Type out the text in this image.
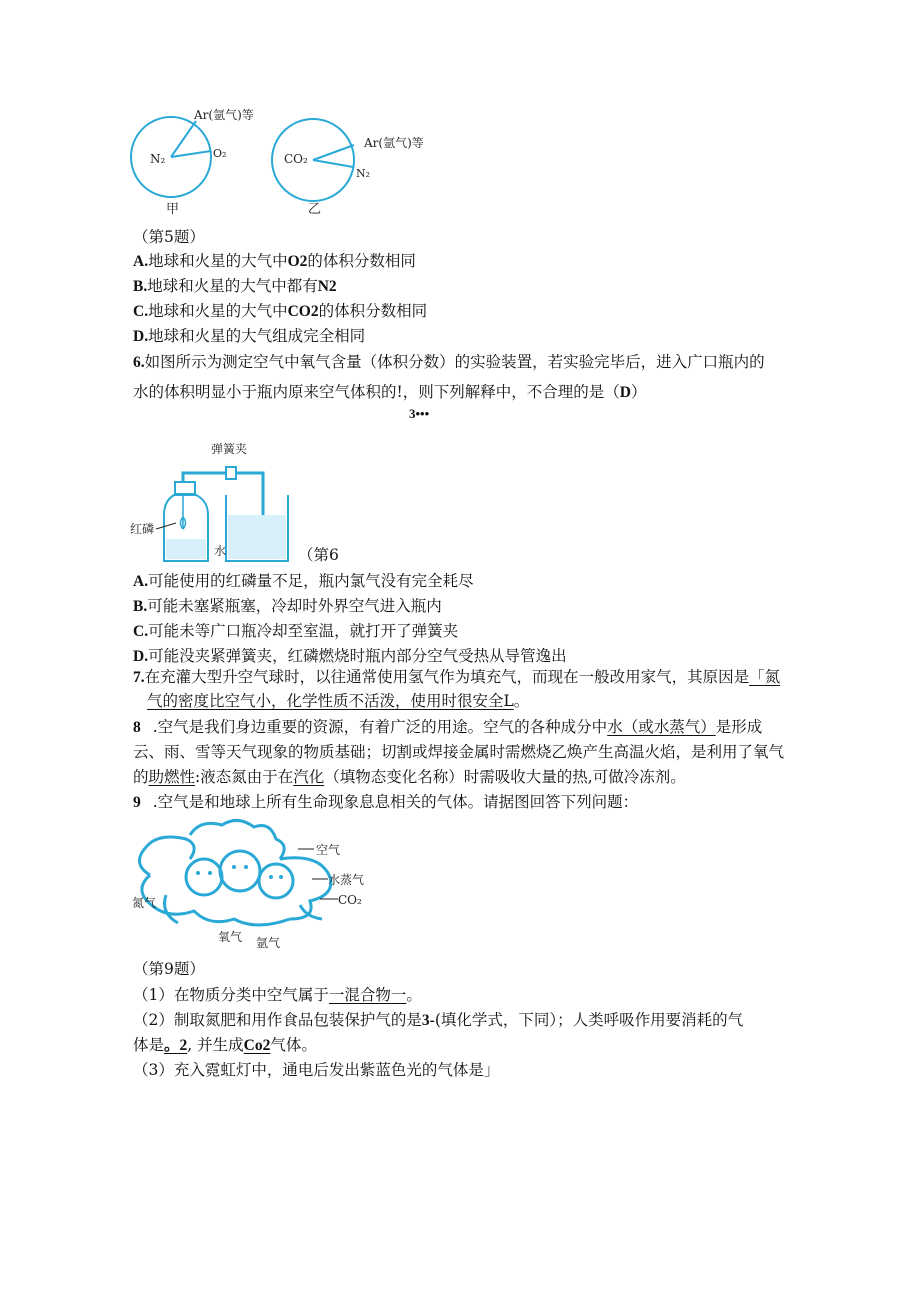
N₂	O₂
Ar(氩气)等
甲
CO₂
Ar(氩气)等
N₂
乙
（第5题）
A.地球和火星的大气中O2的体积分数相同
B.地球和火星的大气中都有N2
C.地球和火星的大气中CO2的体积分数相同
D.地球和火星的大气组成完全相同
6.如图所示为测定空气中氧气含量（体积分数）的实验装置，若实验完毕后，进入广口瓶内的
水的体积明显小于瓶内原来空气体积的!，则下列解释中，不合理的是（D）
3•••
弹簧夹
红磷
水	（第6
A.可能使用的红磷量不足，瓶内氯气没有完全耗尽
B.可能未塞紧瓶塞，冷却时外界空气进入瓶内
C.可能未等广口瓶冷却至室温，就打开了弹簧夹
D.可能没夹紧弹簧夹，红磷燃烧时瓶内部分空气受热从导管逸出
7.在充灌大型升空气球时，以往通常使用氢气作为填充气，而现在一般改用家气，其原因是「氮
气的密度比空气小，化学性质不活泼，使用时很安全L。
8 .空气是我们身边重要的资源，有着广泛的用途。空气的各种成分中水（或水蒸气）是形成
云、雨、雪等天气现象的物质基础；切割或焊接金属时需燃烧乙焕产生高温火焰，是利用了氧气
的助燃性:液态氮由于在汽化（填物态变化名称）时需吸收大量的热,可做冷冻剂。
9 .空气是和地球上所有生命现象息息相关的气体。请据图回答下列问题：
空气
水蒸气
CO₂
氮气
氧气 氩气
（第9题）
（1）在物质分类中空气属于一混合物一。
（2）制取氮肥和用作食品包装保护气的是3-(填化学式，下同）；人类呼吸作用要消耗的气
体是。2, 并生成Co2气体。
（3）充入霓虹灯中，通电后发出紫蓝色光的气体是」
